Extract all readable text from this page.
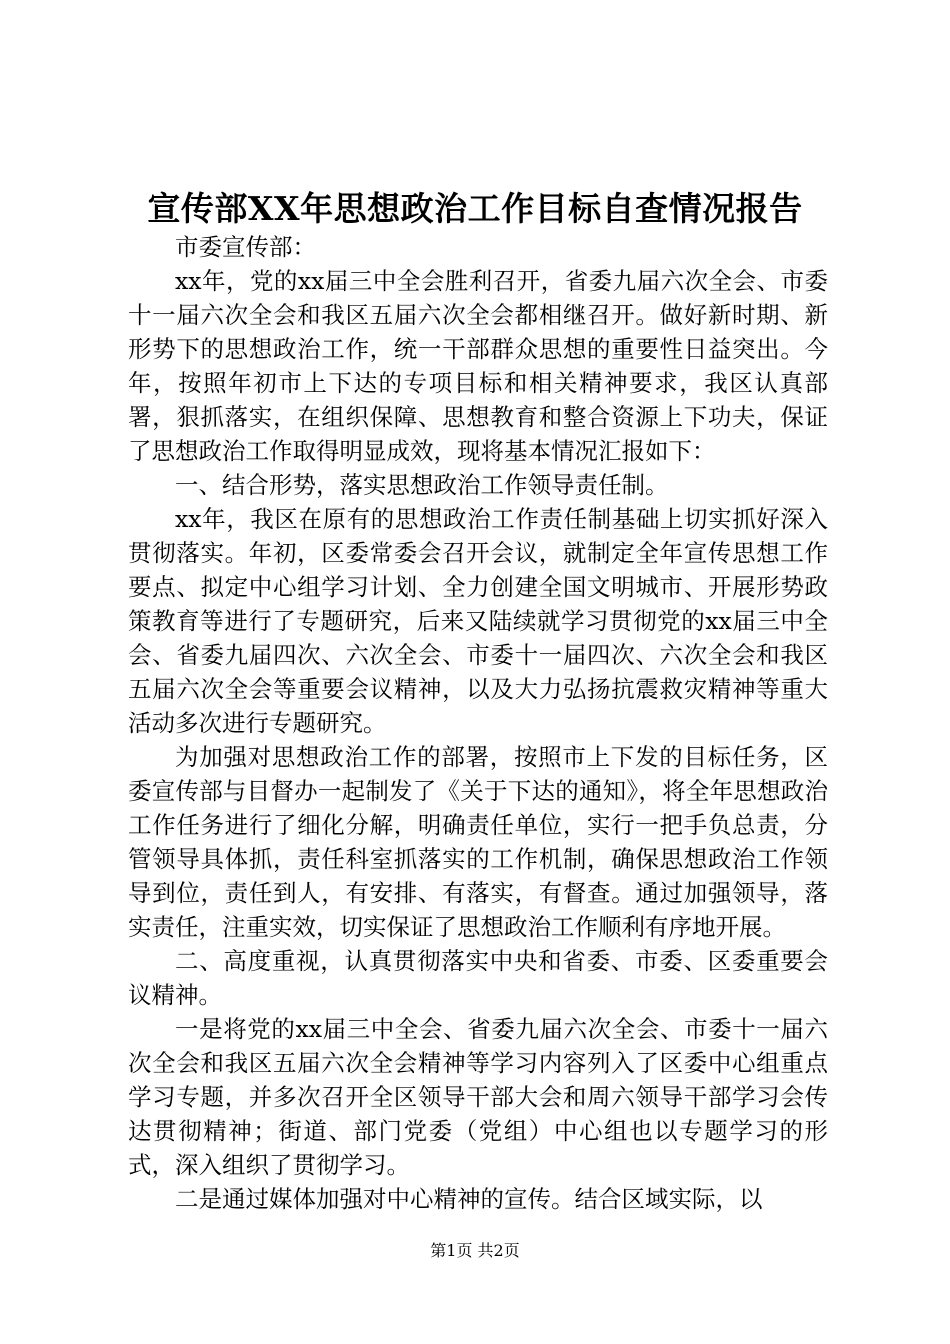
宣传部XX年思想政治工作目标自查情况报告

市委宣传部：

xx年，党的xx届三中全会胜利召开，省委九届六次全会、市委十一届六次全会和我区五届六次全会都相继召开。做好新时期、新形势下的思想政治工作，统一干部群众思想的重要性日益突出。今年，按照年初市上下达的专项目标和相关精神要求，我区认真部署，狠抓落实，在组织保障、思想教育和整合资源上下功夫，保证了思想政治工作取得明显成效，现将基本情况汇报如下：

一、结合形势，落实思想政治工作领导责任制。

xx年，我区在原有的思想政治工作责任制基础上切实抓好深入贯彻落实。年初，区委常委会召开会议，就制定全年宣传思想工作要点、拟定中心组学习计划、全力创建全国文明城市、开展形势政策教育等进行了专题研究，后来又陆续就学习贯彻党的xx届三中全会、省委九届四次、六次全会、市委十一届四次、六次全会和我区五届六次全会等重要会议精神，以及大力弘扬抗震救灾精神等重大活动多次进行专题研究。

为加强对思想政治工作的部署，按照市上下发的目标任务，区委宣传部与目督办一起制发了《关于下达的通知》，将全年思想政治工作任务进行了细化分解，明确责任单位，实行一把手负总责，分管领导具体抓，责任科室抓落实的工作机制，确保思想政治工作领导到位，责任到人，有安排、有落实，有督查。通过加强领导，落实责任，注重实效，切实保证了思想政治工作顺利有序地开展。

二、高度重视，认真贯彻落实中央和省委、市委、区委重要会议精神。

一是将党的xx届三中全会、省委九届六次全会、市委十一届六次全会和我区五届六次全会精神等学习内容列入了区委中心组重点学习专题，并多次召开全区领导干部大会和周六领导干部学习会传达贯彻精神；街道、部门党委（党组）中心组也以专题学习的形式，深入组织了贯彻学习。

二是通过媒体加强对中心精神的宣传。结合区域实际，以

第1页 共2页
